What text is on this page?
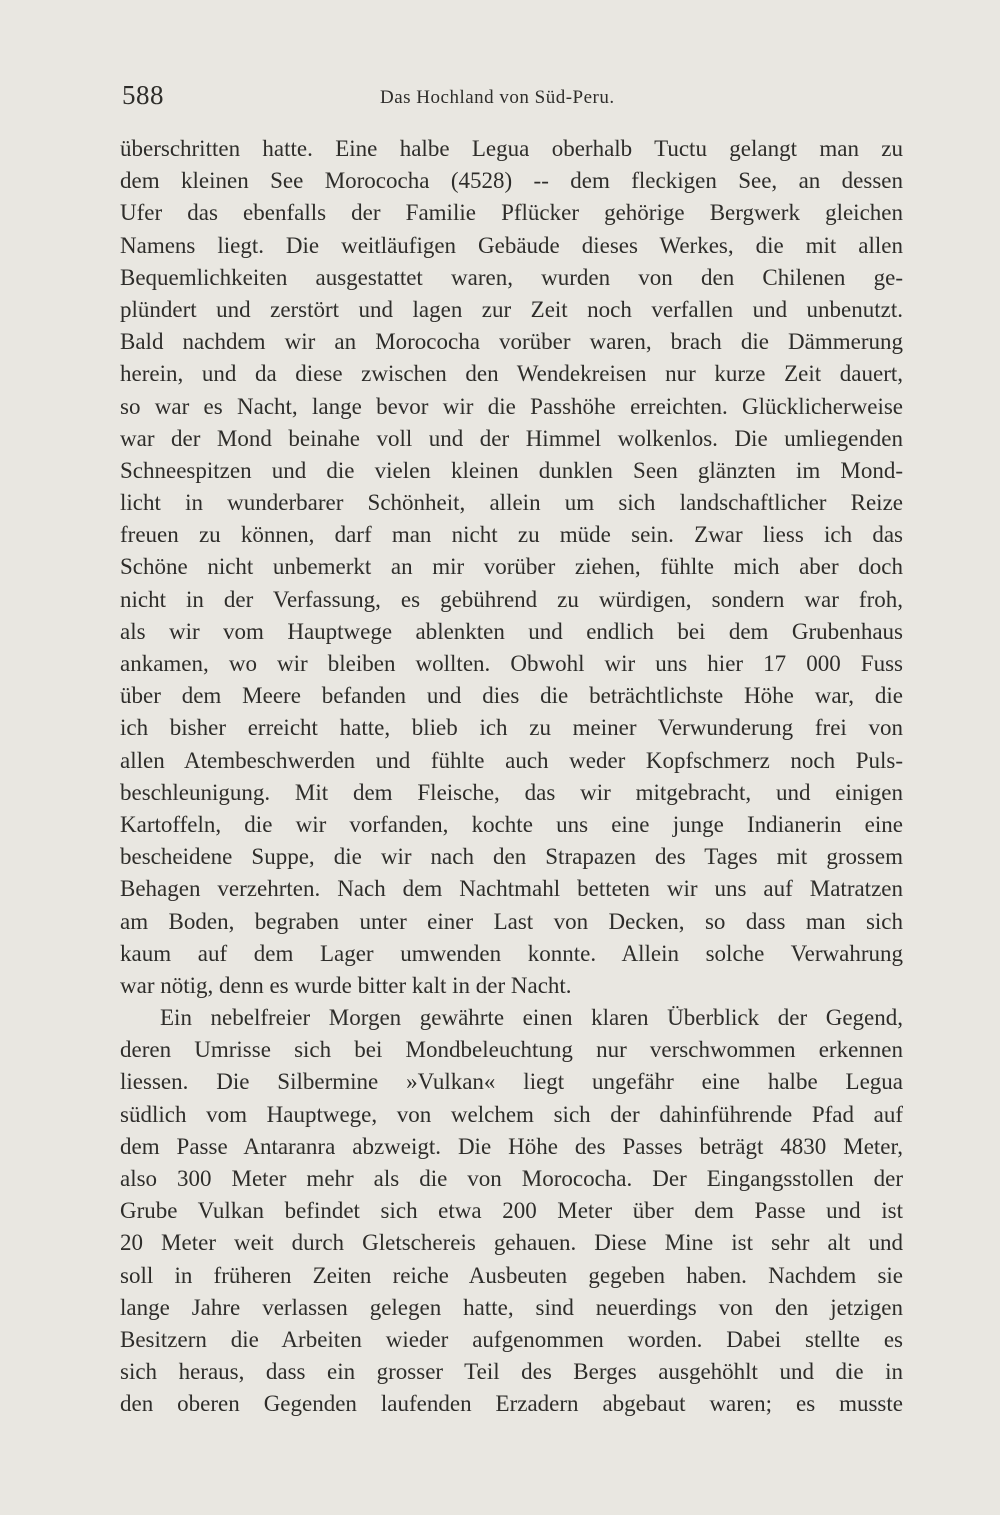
588	Das Hochland von Süd-Peru.
überschritten hatte. Eine halbe Legua oberhalb Tuctu gelangt man zu
dem kleinen See Morococha (4528) -- dem fleckigen See, an dessen
Ufer das ebenfalls der Familie Pflücker gehörige Bergwerk gleichen
Namens liegt. Die weitläufigen Gebäude dieses Werkes, die mit allen
Bequemlichkeiten ausgestattet waren, wurden von den Chilenen ge-
plündert und zerstört und lagen zur Zeit noch verfallen und unbenutzt.
Bald nachdem wir an Morococha vorüber waren, brach die Dämmerung
herein, und da diese zwischen den Wendekreisen nur kurze Zeit dauert,
so war es Nacht, lange bevor wir die Passhöhe erreichten. Glücklicherweise
war der Mond beinahe voll und der Himmel wolkenlos. Die umliegenden
Schneespitzen und die vielen kleinen dunklen Seen glänzten im Mond-
licht in wunderbarer Schönheit, allein um sich landschaftlicher Reize
freuen zu können, darf man nicht zu müde sein. Zwar liess ich das
Schöne nicht unbemerkt an mir vorüber ziehen, fühlte mich aber doch
nicht in der Verfassung, es gebührend zu würdigen, sondern war froh,
als wir vom Hauptwege ablenkten und endlich bei dem Grubenhaus
ankamen, wo wir bleiben wollten. Obwohl wir uns hier 17 000 Fuss
über dem Meere befanden und dies die beträchtlichste Höhe war, die
ich bisher erreicht hatte, blieb ich zu meiner Verwunderung frei von
allen Atembeschwerden und fühlte auch weder Kopfschmerz noch Puls-
beschleunigung. Mit dem Fleische, das wir mitgebracht, und einigen
Kartoffeln, die wir vorfanden, kochte uns eine junge Indianerin eine
bescheidene Suppe, die wir nach den Strapazen des Tages mit grossem
Behagen verzehrten. Nach dem Nachtmahl betteten wir uns auf Matratzen
am Boden, begraben unter einer Last von Decken, so dass man sich
kaum auf dem Lager umwenden konnte. Allein solche Verwahrung
war nötig, denn es wurde bitter kalt in der Nacht.
Ein nebelfreier Morgen gewährte einen klaren Überblick der Gegend,
deren Umrisse sich bei Mondbeleuchtung nur verschwommen erkennen
liessen. Die Silbermine »Vulkan« liegt ungefähr eine halbe Legua
südlich vom Hauptwege, von welchem sich der dahinführende Pfad auf
dem Passe Antaranra abzweigt. Die Höhe des Passes beträgt 4830 Meter,
also 300 Meter mehr als die von Morococha. Der Eingangsstollen der
Grube Vulkan befindet sich etwa 200 Meter über dem Passe und ist
20 Meter weit durch Gletschereis gehauen. Diese Mine ist sehr alt und
soll in früheren Zeiten reiche Ausbeuten gegeben haben. Nachdem sie
lange Jahre verlassen gelegen hatte, sind neuerdings von den jetzigen
Besitzern die Arbeiten wieder aufgenommen worden. Dabei stellte es
sich heraus, dass ein grosser Teil des Berges ausgehöhlt und die in
den oberen Gegenden laufenden Erzadern abgebaut waren; es musste
